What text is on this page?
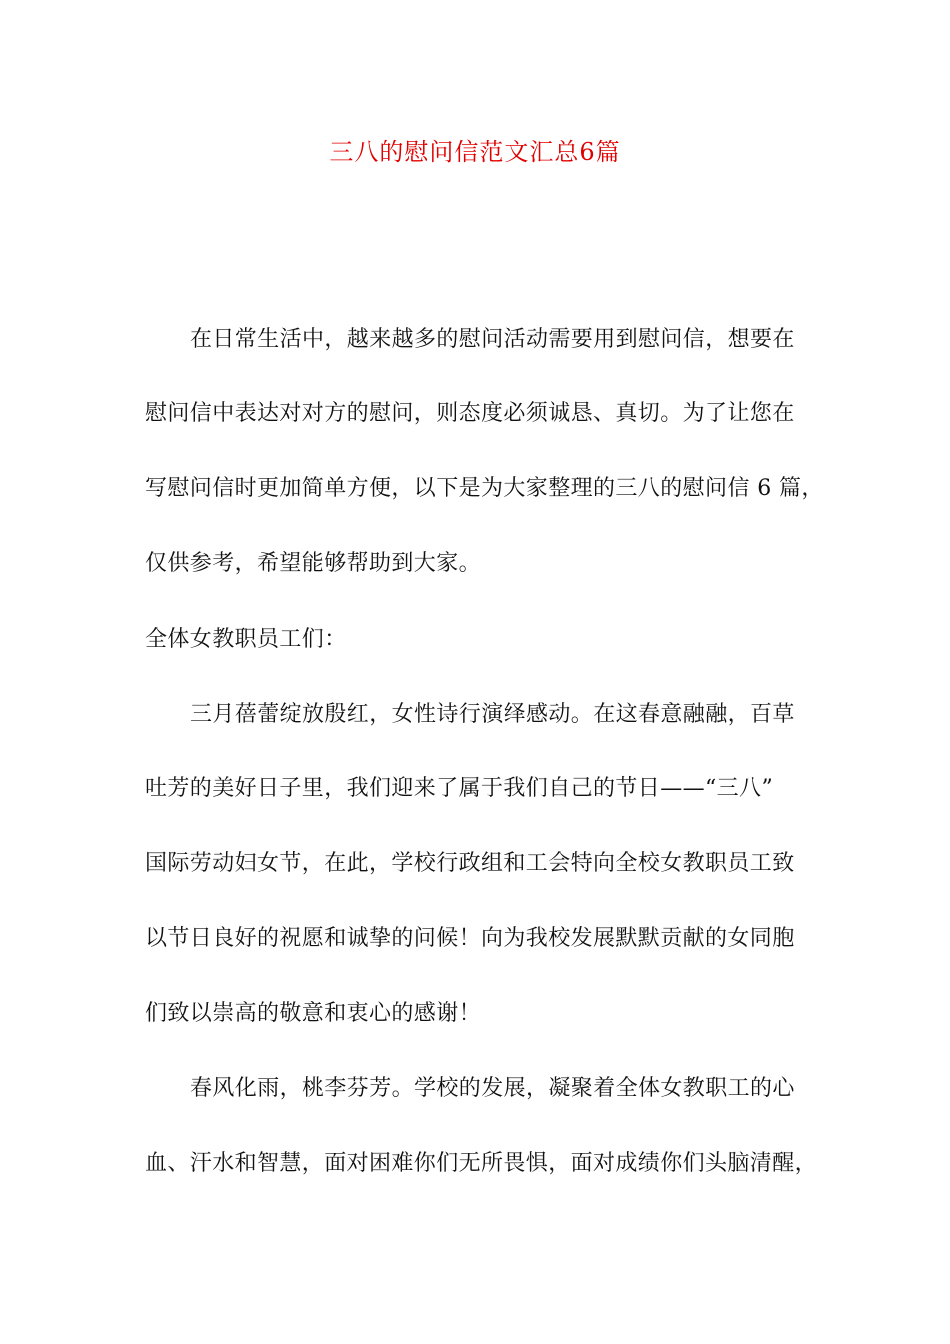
三八的慰问信范文汇总6篇
在日常生活中，越来越多的慰问活动需要用到慰问信，想要在
慰问信中表达对对方的慰问，则态度必须诚恳、真切。为了让您在
写慰问信时更加简单方便，以下是为大家整理的三八的慰问信 6 篇，
仅供参考，希望能够帮助到大家。
全体女教职员工们：
三月蓓蕾绽放殷红，女性诗行演绎感动。在这春意融融，百草
吐芳的美好日子里，我们迎来了属于我们自己的节日——“三八”
国际劳动妇女节，在此，学校行政组和工会特向全校女教职员工致
以节日良好的祝愿和诚挚的问候！向为我校发展默默贡献的女同胞
们致以崇高的敬意和衷心的感谢！
春风化雨，桃李芬芳。学校的发展，凝聚着全体女教职工的心
血、汗水和智慧，面对困难你们无所畏惧，面对成绩你们头脑清醒，
